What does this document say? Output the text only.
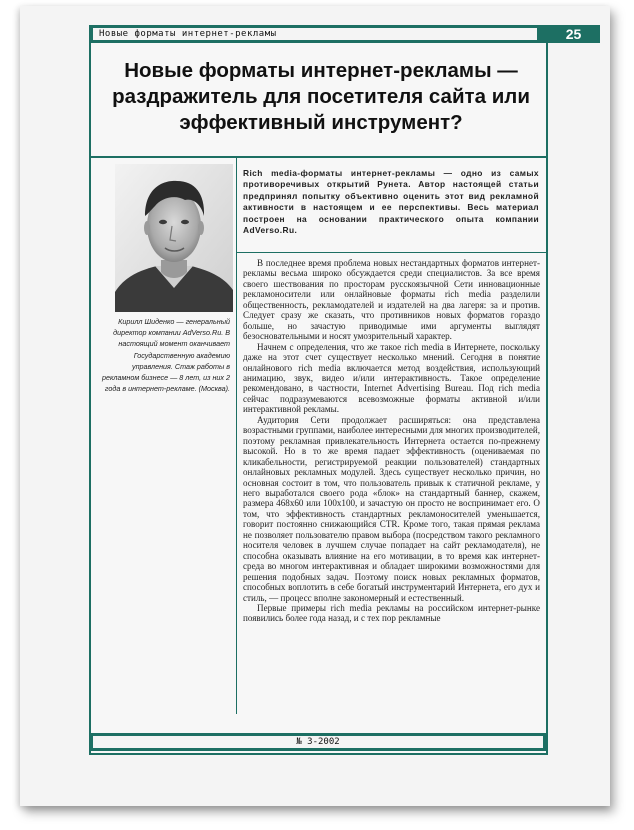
Новые форматы интернет-рекламы	25
Новые форматы интернет-рекламы — раздражитель для посетителя сайта или эффективный инструмент?
Кирилл Шиденко — генеральный директор компании AdVerso.Ru. В настоящий момент оканчивает Государственную академию управления. Стаж работы в рекламном бизнесе — 8 лет, из них 2 года в интернет-рекламе. (Москва).

Rich media-форматы интернет-рекламы — одно из самых противоречивых открытий Рунета. Автор настоящей статьи предпринял попытку объективно оценить этот вид рекламной активности в настоящем и ее перспективы. Весь материал построен на основании практического опыта компании AdVerso.Ru.

В последнее время проблема новых нестандартных форматов интернет-рекламы весьма широко обсуждается среди специалистов. За все время своего шествования по просторам русскоязычной Сети инновационные рекламоносители или онлайновые форматы rich media разделили общественность, рекламодателей и издателей на два лагеря: за и против. Следует сразу же сказать, что противников новых форматов гораздо больше, но зачастую приводимые ими аргументы выглядят безосновательными и носят умозрительный характер.

Начнем с определения, что же такое rich media в Интернете, поскольку даже на этот счет существует несколько мнений. Сегодня в понятие онлайнового rich media включается метод воздействия, использующий анимацию, звук, видео и/или интерактивность. Такое определение рекомендовано, в частности, Internet Advertising Bureau. Под rich media сейчас подразумеваются всевозможные форматы активной и/или интерактивной рекламы.

Аудитория Сети продолжает расширяться: она представлена возрастными группами, наиболее интересными для многих производителей, поэтому рекламная привлекательность Интернета остается по-прежнему высокой. Но в то же время падает эффективность (оцениваемая по кликабельности, регистрируемой реакции пользователей) стандартных онлайновых рекламных модулей. Здесь существует несколько причин, но основная состоит в том, что пользователь привык к статичной рекламе, у него выработался своего рода «блок» на стандартный баннер, скажем, размера 468х60 или 100х100, и зачастую он просто не воспринимает его. О том, что эффективность стандартных рекламоносителей уменьшается, говорит постоянно снижающийся CTR. Кроме того, такая прямая реклама не позволяет пользователю правом выбора (посредством такого рекламного носителя человек в лучшем случае попадает на сайт рекламодателя), не способна оказывать влияние на его мотивации, в то время как интернет-среда во многом интерактивная и обладает широкими возможностями для решения подобных задач. Поэтому поиск новых рекламных форматов, способных воплотить в себе богатый инструментарий Интернета, его дух и стиль, — процесс вполне закономерный и естественный.

Первые примеры rich media рекламы на российском интернет-рынке появились более года назад, и с тех пор рекламные

№ 3-2002
